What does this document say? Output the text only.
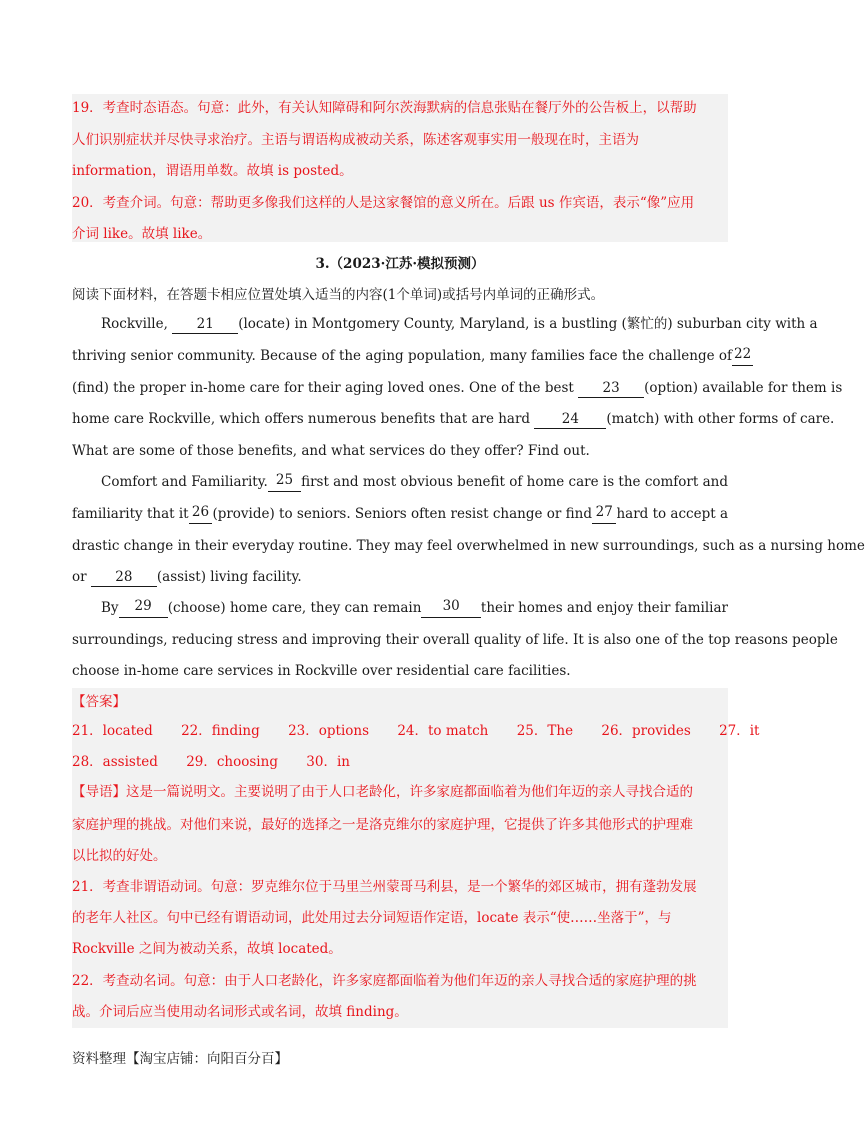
19．考查时态语态。句意：此外，有关认知障碍和阿尔茨海默病的信息张贴在餐厅外的公告板上，以帮助
人们识别症状并尽快寻求治疗。主语与谓语构成被动关系，陈述客观事实用一般现在时，主语为
information，谓语用单数。故填 is posted。
20．考查介词。句意：帮助更多像我们这样的人是这家餐馆的意义所在。后跟 us 作宾语，表示“像”应用
介词 like。故填 like。
3.（2023·江苏·模拟预测）
阅读下面材料，在答题卡相应位置处填入适当的内容(1个单词)或括号内单词的正确形式。
Rockville, 21 (locate) in Montgomery County, Maryland, is a bustling (繁忙的) suburban city with a
thriving senior community. Because of the aging population, many families face the challenge of 22
(find) the proper in-home care for their aging loved ones. One of the best 23 (option) available for them is
home care Rockville, which offers numerous benefits that are hard 24 (match) with other forms of care.
What are some of those benefits, and what services do they offer? Find out.
Comfort and Familiarity. 25 first and most obvious benefit of home care is the comfort and
familiarity that it 26 (provide) to seniors. Seniors often resist change or find 27 hard to accept a
drastic change in their everyday routine. They may feel overwhelmed in new surroundings, such as a nursing home
or 28 (assist) living facility.
By	29	(choose) home care, they can remain	30	their homes and enjoy their familiar
surroundings, reducing stress and improving their overall quality of life. It is also one of the top reasons people
choose in-home care services in Rockville over residential care facilities.
【答案】
21．located 22．finding 23．options 24．to match 25．The 26．provides 27．it
28．assisted 29．choosing 30．in
【导语】这是一篇说明文。主要说明了由于人口老龄化，许多家庭都面临着为他们年迈的亲人寻找合适的
家庭护理的挑战。对他们来说，最好的选择之一是洛克维尔的家庭护理，它提供了许多其他形式的护理难
以比拟的好处。
21．考查非谓语动词。句意：罗克维尔位于马里兰州蒙哥马利县，是一个繁华的郊区城市，拥有蓬勃发展
的老年人社区。句中已经有谓语动词，此处用过去分词短语作定语，locate 表示“使……坐落于”，与
Rockville 之间为被动关系，故填 located。
22．考查动名词。句意：由于人口老龄化，许多家庭都面临着为他们年迈的亲人寻找合适的家庭护理的挑
战。介词后应当使用动名词形式或名词，故填 finding。
资料整理【淘宝店铺：向阳百分百】
